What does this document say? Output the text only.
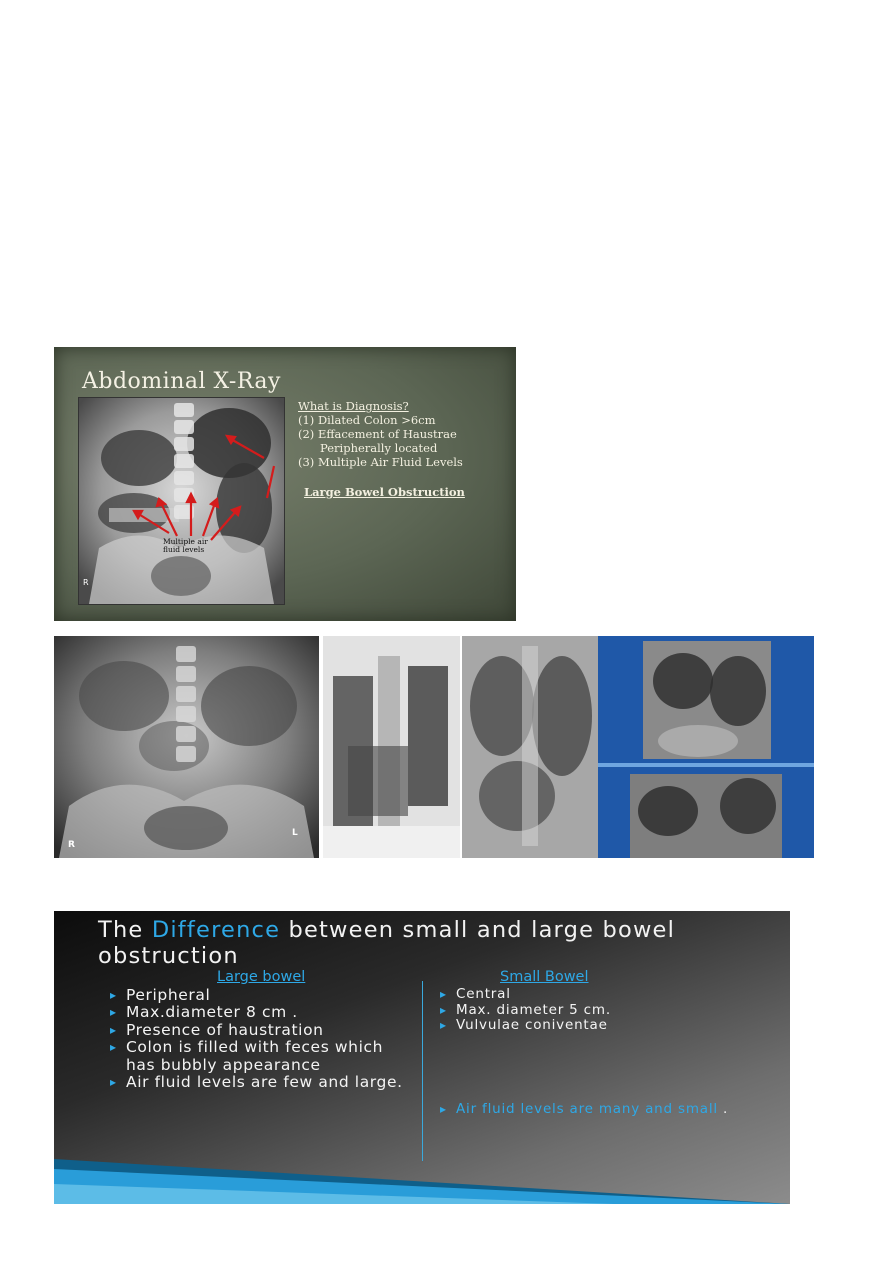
Abdominal X-Ray
Multiple air fluid levels
R
What is Diagnosis?
(1) Dilated Colon >6cm
(2) Effacement of Haustrae
Peripherally located
(3) Multiple Air Fluid Levels
Large Bowel Obstruction
R
L
The Difference between small and large bowel obstruction
Large bowel	Small Bowel
▸ Peripheral
▸ Max.diameter 8 cm .
▸ Presence of haustration
▸ Colon is filled with feces which has bubbly appearance
▸ Air fluid levels are few and large.
▸ Central
▸ Max. diameter 5 cm.
▸ Vulvulae coniventae
▸ Air fluid levels are many and small .
